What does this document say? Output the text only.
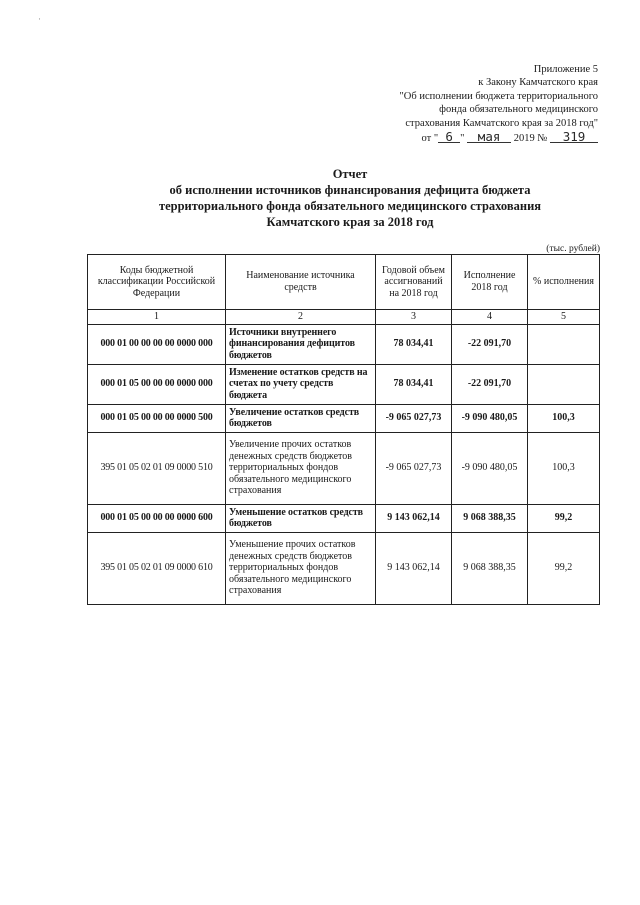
·
Приложение 5
к Закону Камчатского края
"Об исполнении бюджета территориального
фонда обязательного медицинского
страхования Камчатского края за 2018 год"
от " 6 " мая 2019 № 319
Отчет
об исполнении источников финансирования дефицита бюджета
территориального фонда обязательного медицинского страхования
Камчатского края за 2018 год
(тыс. рублей)
Коды бюджетной классификации Российской Федерации	Наименование источника средств	Годовой объем ассигнований на 2018 год	Исполнение 2018 год	% исполнения
1	2	3	4	5
000 01 00 00 00 00 0000 000	Источники внутреннего финансирования дефицитов бюджетов	78 034,41	-22 091,70	
000 01 05 00 00 00 0000 000	Изменение остатков средств на счетах по учету средств бюджета	78 034,41	-22 091,70	
000 01 05 00 00 00 0000 500	Увеличение остатков средств бюджетов	-9 065 027,73	-9 090 480,05	100,3
395 01 05 02 01 09 0000 510	Увеличение прочих остатков денежных средств бюджетов территориальных фондов обязательного медицинского страхования	-9 065 027,73	-9 090 480,05	100,3
000 01 05 00 00 00 0000 600	Уменьшение остатков средств бюджетов	9 143 062,14	9 068 388,35	99,2
395 01 05 02 01 09 0000 610	Уменьшение прочих остатков денежных средств бюджетов территориальных фондов обязательного медицинского страхования	9 143 062,14	9 068 388,35	99,2
